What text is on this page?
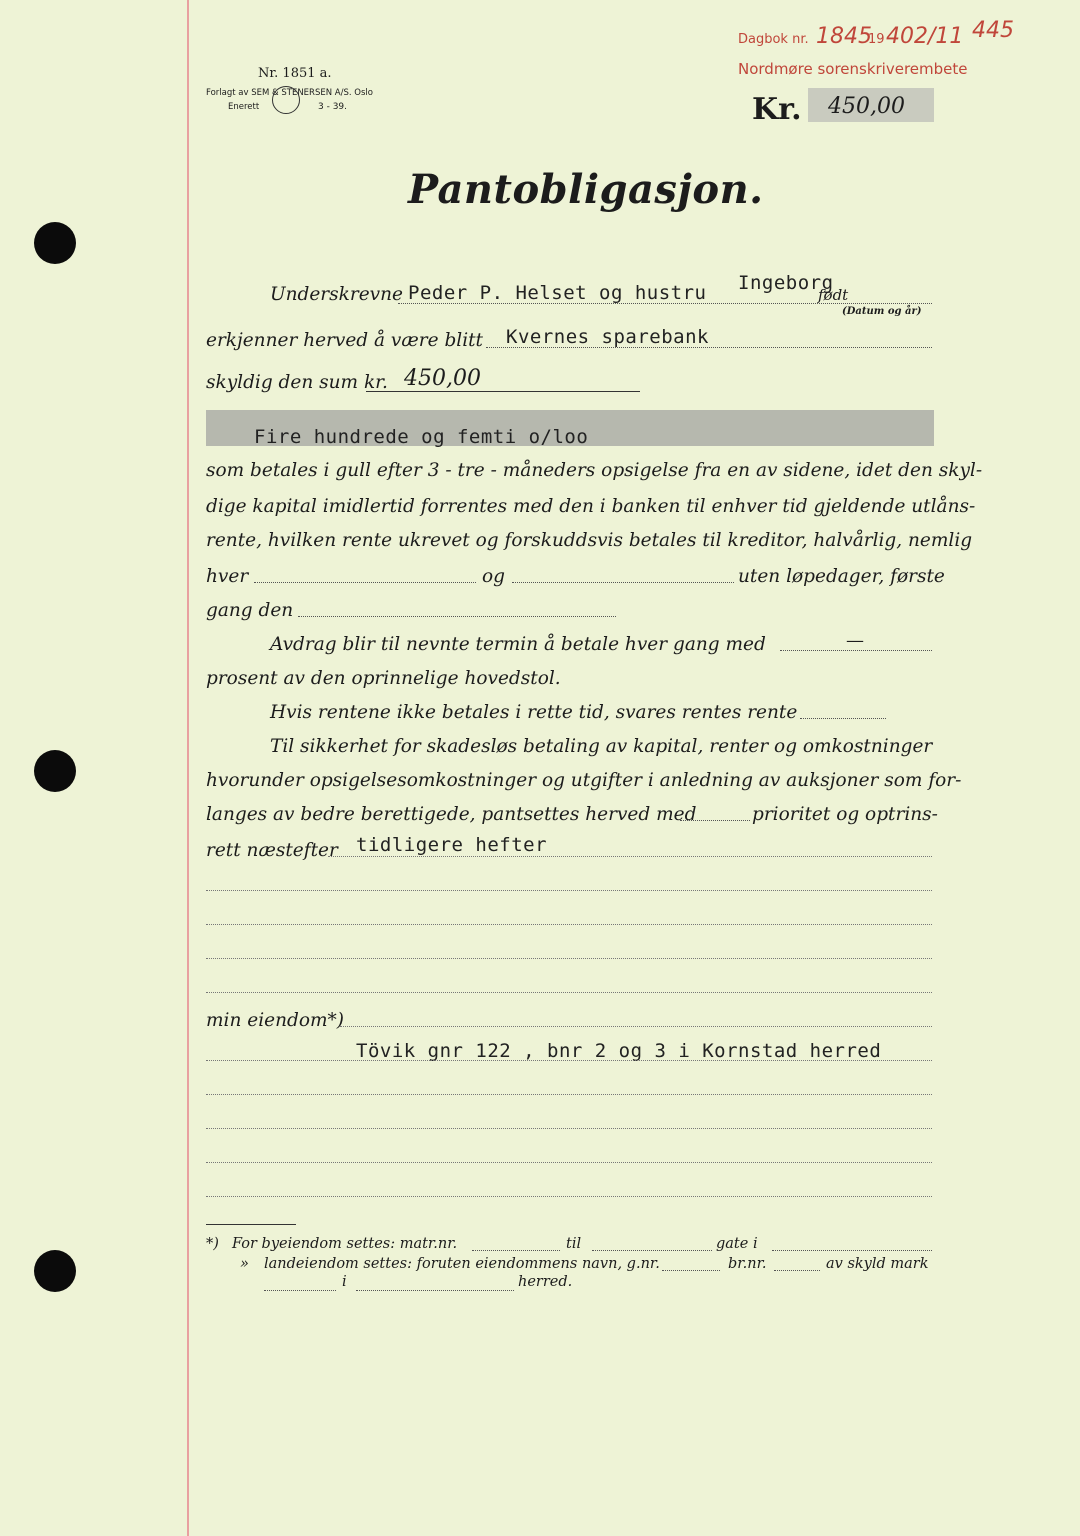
Dagbok nr. 1845
19 402/11 445
Nordmøre sorenskriverembete
Nr. 1851 a.
Forlagt av SEM & STENERSEN A/S. Oslo
Enerett	3 - 39.	Kr. 450,00
Pantobligasjon.
Underskrevne Peder P. Helset og hustru Ingeborg
født
(Datum og år)
erkjenner herved å være blitt Kvernes sparebank
skyldig den sum kr. 450,00
Fire hundrede og femti o/loo
som betales i gull efter 3 - tre - måneders opsigelse fra en av sidene, idet den skyl-
dige kapital imidlertid forrentes med den i banken til enhver tid gjeldende utlåns-
rente, hvilken rente ukrevet og forskuddsvis betales til kreditor, halvårlig, nemlig
hver	og	uten løpedager, første
gang den
Avdrag blir til nevnte termin å betale hver gang med	—
prosent av den oprinnelige hovedstol.
Hvis rentene ikke betales i rette tid, svares rentes rente
Til sikkerhet for skadesløs betaling av kapital, renter og omkostninger
hvorunder opsigelsesomkostninger og utgifter i anledning av auksjoner som for-
langes av bedre berettigede, pantsettes herved med	prioritet og optrins-
rett næstefter tidligere hefter
min eiendom*)
Tövik gnr 122 , bnr 2 og 3 i Kornstad herred
*) For byeiendom settes: matr.nr.	til	gate i
» landeiendom settes: foruten eiendommens navn, g.nr.	br.nr.	av skyld mark
i	herred.
